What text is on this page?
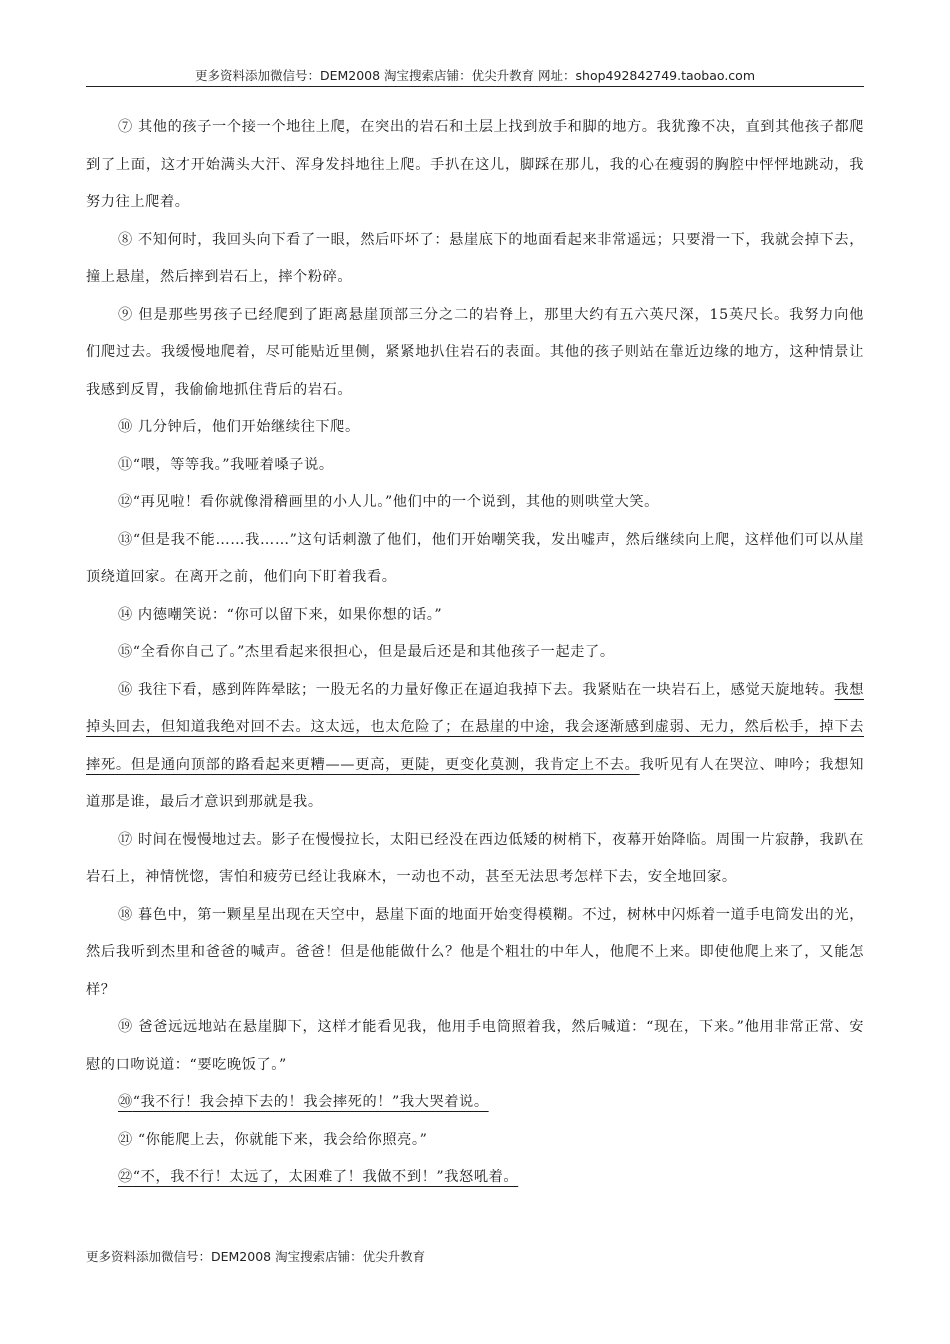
更多资料添加微信号：DEM2008 淘宝搜索店铺：优尖升教育 网址：shop492842749.taobao.com

⑦ 其他的孩子一个接一个地往上爬，在突出的岩石和土层上找到放手和脚的地方。我犹豫不决，直到其他孩子都爬到了上面，这才开始满头大汗、浑身发抖地往上爬。手扒在这儿，脚踩在那儿，我的心在瘦弱的胸腔中怦怦地跳动，我努力往上爬着。

⑧ 不知何时，我回头向下看了一眼，然后吓坏了：悬崖底下的地面看起来非常遥远；只要滑一下，我就会掉下去，撞上悬崖，然后摔到岩石上，摔个粉碎。

⑨ 但是那些男孩子已经爬到了距离悬崖顶部三分之二的岩脊上，那里大约有五六英尺深，15英尺长。我努力向他们爬过去。我缓慢地爬着，尽可能贴近里侧，紧紧地扒住岩石的表面。其他的孩子则站在靠近边缘的地方，这种情景让我感到反胃，我偷偷地抓住背后的岩石。

⑩ 几分钟后，他们开始继续往下爬。

⑪“喂，等等我。”我哑着嗓子说。

⑫“再见啦！看你就像滑稽画里的小人儿。”他们中的一个说到，其他的则哄堂大笑。

⑬“但是我不能……我……”这句话刺激了他们，他们开始嘲笑我，发出嘘声，然后继续向上爬，这样他们可以从崖顶绕道回家。在离开之前，他们向下盯着我看。

⑭ 内德嘲笑说：“你可以留下来，如果你想的话。”

⑮“全看你自己了。”杰里看起来很担心，但是最后还是和其他孩子一起走了。

⑯ 我往下看，感到阵阵晕眩；一股无名的力量好像正在逼迫我掉下去。我紧贴在一块岩石上，感觉天旋地转。我想掉头回去，但知道我绝对回不去。这太远，也太危险了；在悬崖的中途，我会逐渐感到虚弱、无力，然后松手，掉下去摔死。但是通向顶部的路看起来更糟——更高，更陡，更变化莫测，我肯定上不去。我听见有人在哭泣、呻吟；我想知道那是谁，最后才意识到那就是我。

⑰ 时间在慢慢地过去。影子在慢慢拉长，太阳已经没在西边低矮的树梢下，夜幕开始降临。周围一片寂静，我趴在岩石上，神情恍惚，害怕和疲劳已经让我麻木，一动也不动，甚至无法思考怎样下去，安全地回家。

⑱ 暮色中，第一颗星星出现在天空中，悬崖下面的地面开始变得模糊。不过，树林中闪烁着一道手电筒发出的光，然后我听到杰里和爸爸的喊声。爸爸！但是他能做什么？他是个粗壮的中年人，他爬不上来。即使他爬上来了，又能怎样？

⑲ 爸爸远远地站在悬崖脚下，这样才能看见我，他用手电筒照着我，然后喊道：“现在，下来。”他用非常正常、安慰的口吻说道：“要吃晚饭了。”

⑳“我不行！我会掉下去的！我会摔死的！”我大哭着说。

㉑ “你能爬上去，你就能下来，我会给你照亮。”

㉒“不，我不行！太远了，太困难了！我做不到！”我怒吼着。

更多资料添加微信号：DEM2008 淘宝搜索店铺：优尖升教育
